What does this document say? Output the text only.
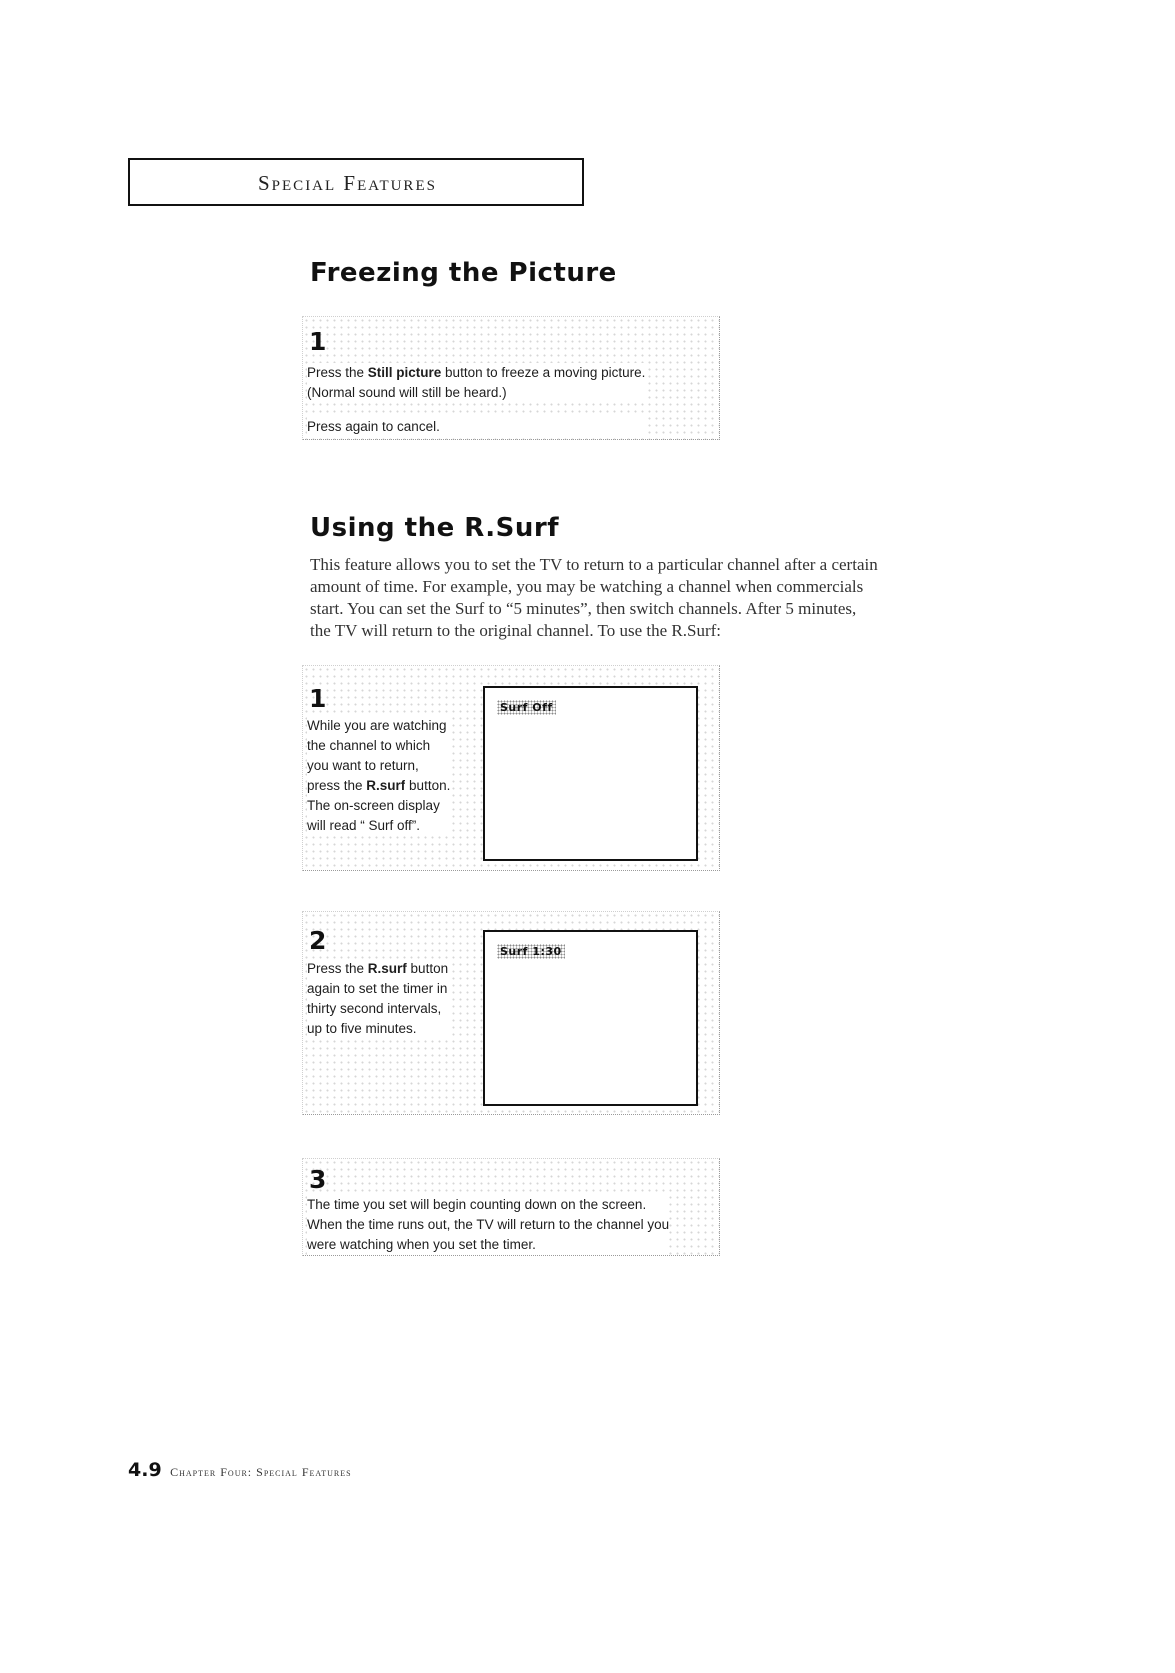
Special Features
Freezing the Picture
1
Press the Still picture button to freeze a moving picture.
(Normal sound will still be heard.)
Press again to cancel.
Using the R.Surf
This feature allows you to set the TV to return to a particular channel after a certain
amount of time. For example, you may be watching a channel when commercials
start. You can set the Surf to “5 minutes”, then switch channels. After 5 minutes,
the TV will return to the original channel. To use the R.Surf:
1
While you are watching
the channel to which
you want to return,
press the R.surf button.
The on-screen display
will read “ Surf off”.
Surf Off
2
Press the R.surf button
again to set the timer in
thirty second intervals,
up to five minutes.
Surf 1:30
3
The time you set will begin counting down on the screen.
When the time runs out, the TV will return to the channel you
were watching when you set the timer.
4.9 Chapter Four: Special Features
